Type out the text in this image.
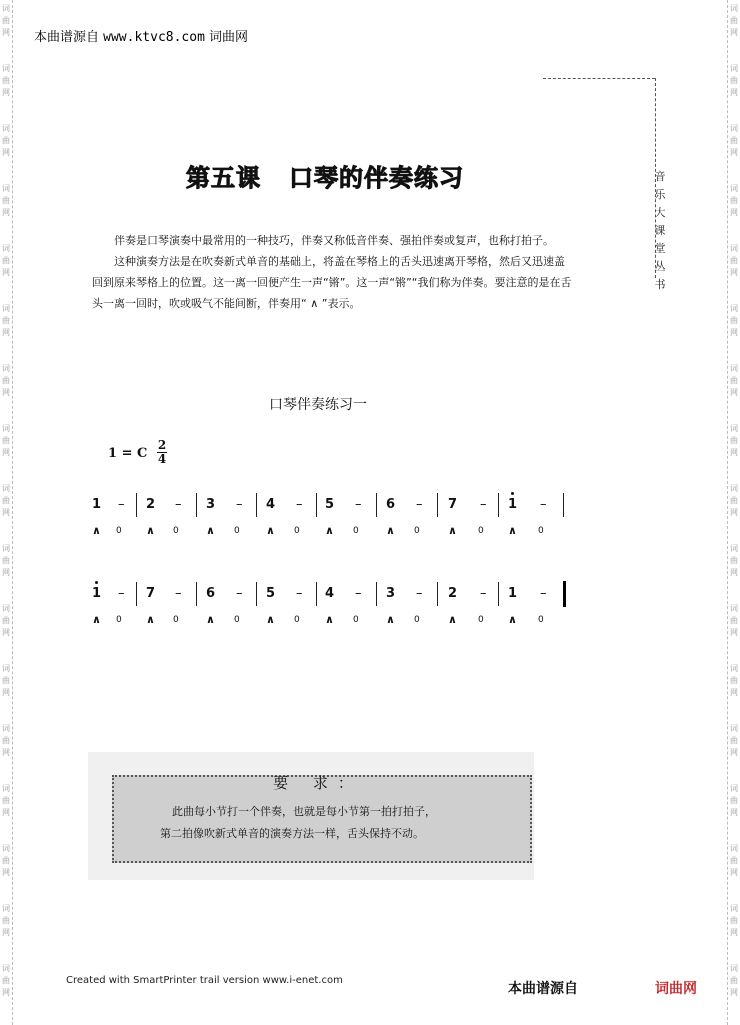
词
曲
网
词
曲
网
词
曲
网
词
曲
网
词
曲
网
词
曲
网
词
曲
网
词
曲
网
词
曲
网
词
曲
网
词
曲
网
词
曲
网
词
曲
网
词
曲
网
词
曲
网
词
曲
网
词
曲
网
词
曲
网
词
曲
网
词
曲
网
词
曲
网
词
曲
网
词
曲
网
词
曲
网
词
曲
网
词
曲
网
词
曲
网
词
曲
网
词
曲
网
词
曲
网
词
曲
网
词
曲
网
词
曲
网
词
曲
网
本曲谱源自 www.ktvc8.com 词曲网
音乐大课堂丛书
第五课 口琴的伴奏练习

伴奏是口琴演奏中最常用的一种技巧，伴奏又称低音伴奏、强拍伴奏或复声，也称打拍子。

这种演奏方法是在吹奏新式单音的基础上，将盖在琴格上的舌头迅速离开琴格，然后又迅速盖回到原来琴格上的位置。这一离一回便产生一声“锵”。这一声“锵”“我们称为伴奏。要注意的是在舌头一离一回时，吹或吸气不能间断，伴奏用“ ∧ ”表示。

口琴伴奏练习一
1 = C
2
4
1 –
∧ 0
2 –
∧ 0
3 –
∧ 0
4 –
∧ 0
5 –
∧ 0
6 –
∧ 0
7 –
∧ 0
1 –
∧ 0
1 –
∧ 0
7 –
∧ 0
6 –
∧ 0
5 –
∧ 0
4 –
∧ 0
3 –
∧ 0
2 –
∧ 0
1 –
∧ 0
要 求：
此曲每小节打一个伴奏，也就是每小节第一拍打拍子，
第二拍像吹新式单音的演奏方法一样，舌头保持不动。
Created with SmartPrinter trail version www.i-enet.com
本曲谱源自	词曲网
